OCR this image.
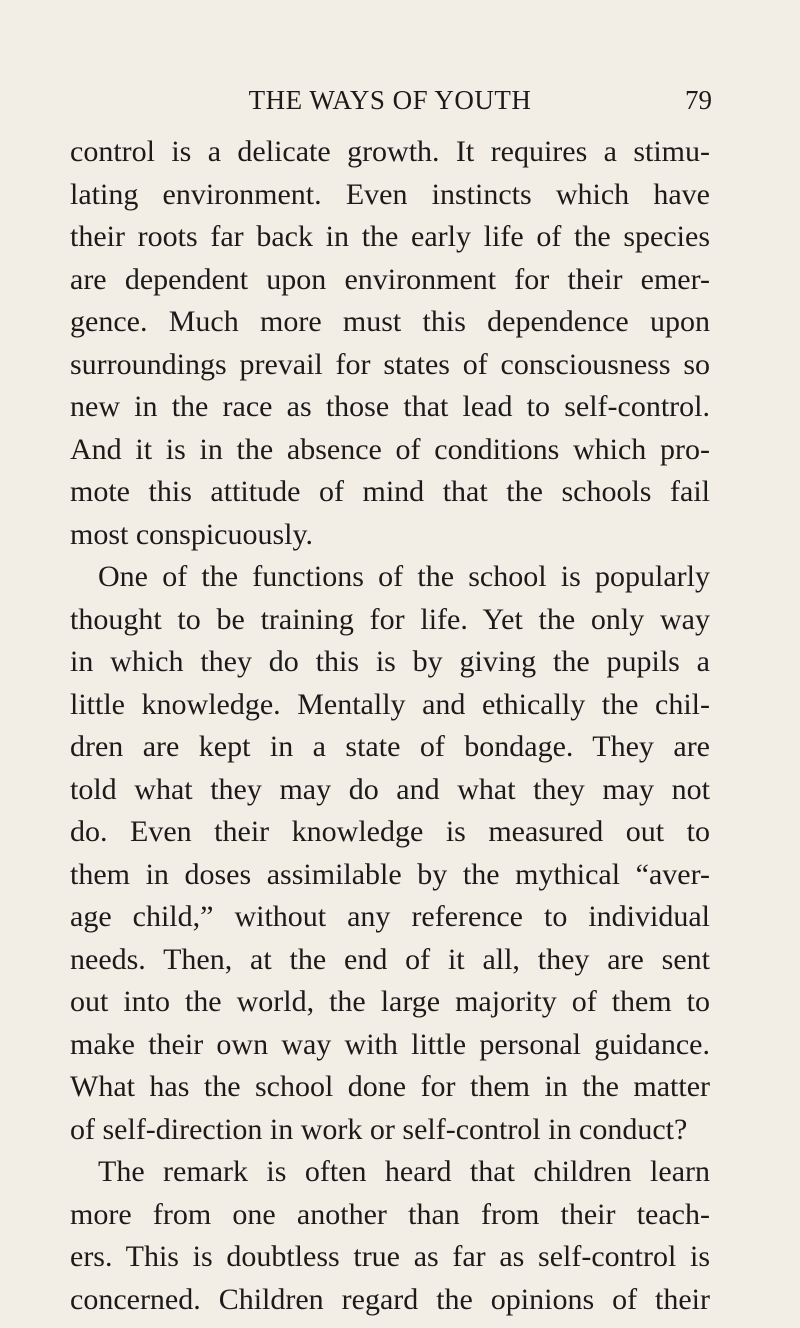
THE WAYS OF YOUTH	79
control is a delicate growth. It requires a stimu-
lating environment. Even instincts which have
their roots far back in the early life of the species
are dependent upon environment for their emer-
gence. Much more must this dependence upon
surroundings prevail for states of consciousness so
new in the race as those that lead to self-control.
And it is in the absence of conditions which pro-
mote this attitude of mind that the schools fail
most conspicuously.
One of the functions of the school is popularly
thought to be training for life. Yet the only way
in which they do this is by giving the pupils a
little knowledge. Mentally and ethically the chil-
dren are kept in a state of bondage. They are
told what they may do and what they may not
do. Even their knowledge is measured out to
them in doses assimilable by the mythical “aver-
age child,” without any reference to individual
needs. Then, at the end of it all, they are sent
out into the world, the large majority of them to
make their own way with little personal guidance.
What has the school done for them in the matter
of self-direction in work or self-control in conduct?
The remark is often heard that children learn
more from one another than from their teach-
ers. This is doubtless true as far as self-control is
concerned. Children regard the opinions of their
